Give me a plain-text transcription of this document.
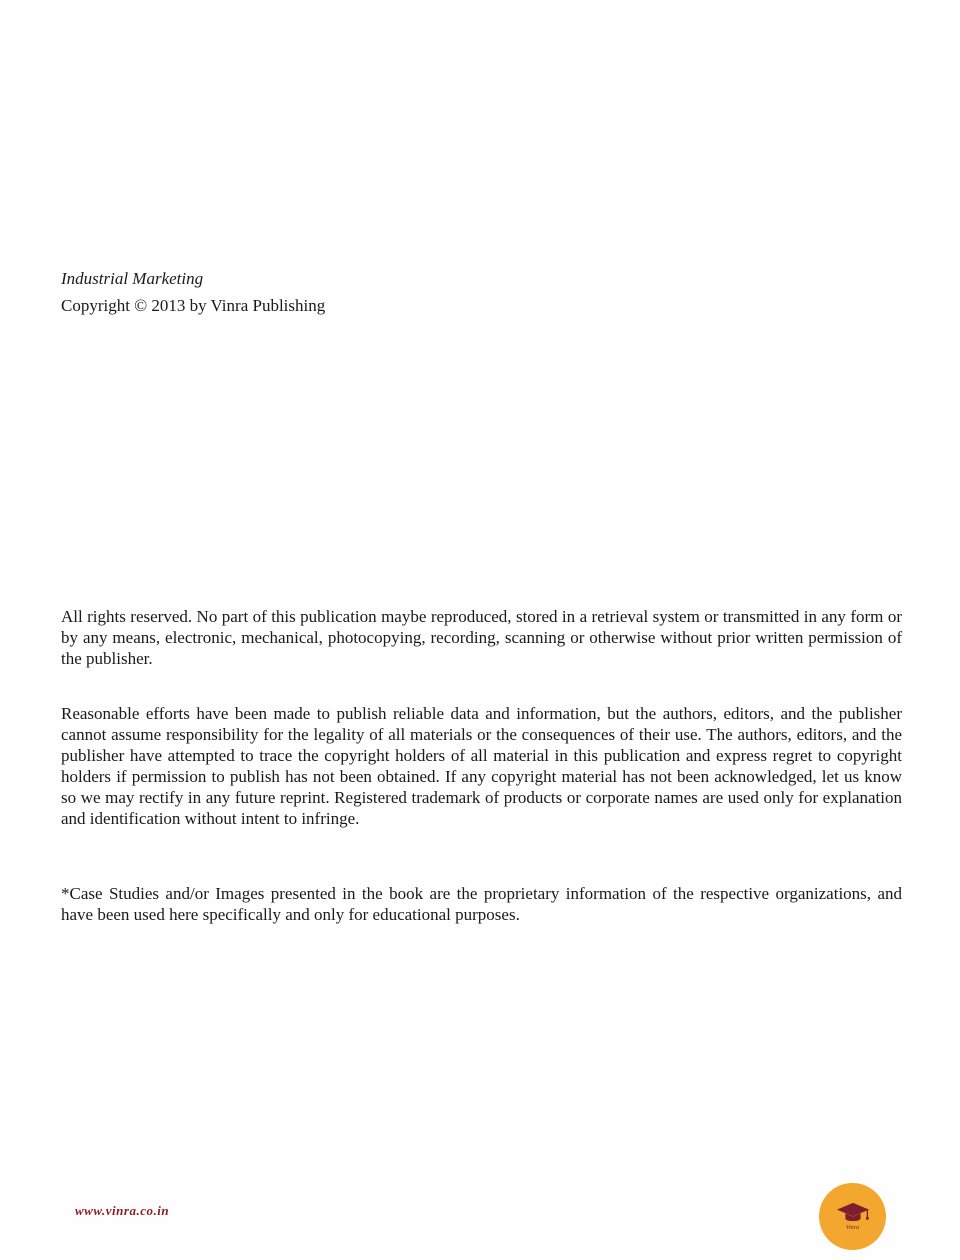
Industrial Marketing
Copyright © 2013 by Vinra Publishing

All rights reserved. No part of this publication maybe reproduced, stored in a retrieval system or transmitted in any form or by any means, electronic, mechanical, photocopying, recording, scanning or otherwise without prior written permission of the publisher.

Reasonable efforts have been made to publish reliable data and information, but the authors, editors, and the publisher cannot assume responsibility for the legality of all materials or the consequences of their use. The authors, editors, and the publisher have attempted to trace the copyright holders of all material in this publication and express regret to copyright holders if permission to publish has not been obtained. If any copyright material has not been acknowledged, let us know so we may rectify in any future reprint. Registered trademark of products or corporate names are used only for explanation and identification without intent to infringe.

*Case Studies and/or Images presented in the book are the proprietary information of the respective organizations, and have been used here specifically and only for educational purposes.

www.vinra.co.in
Vinra
